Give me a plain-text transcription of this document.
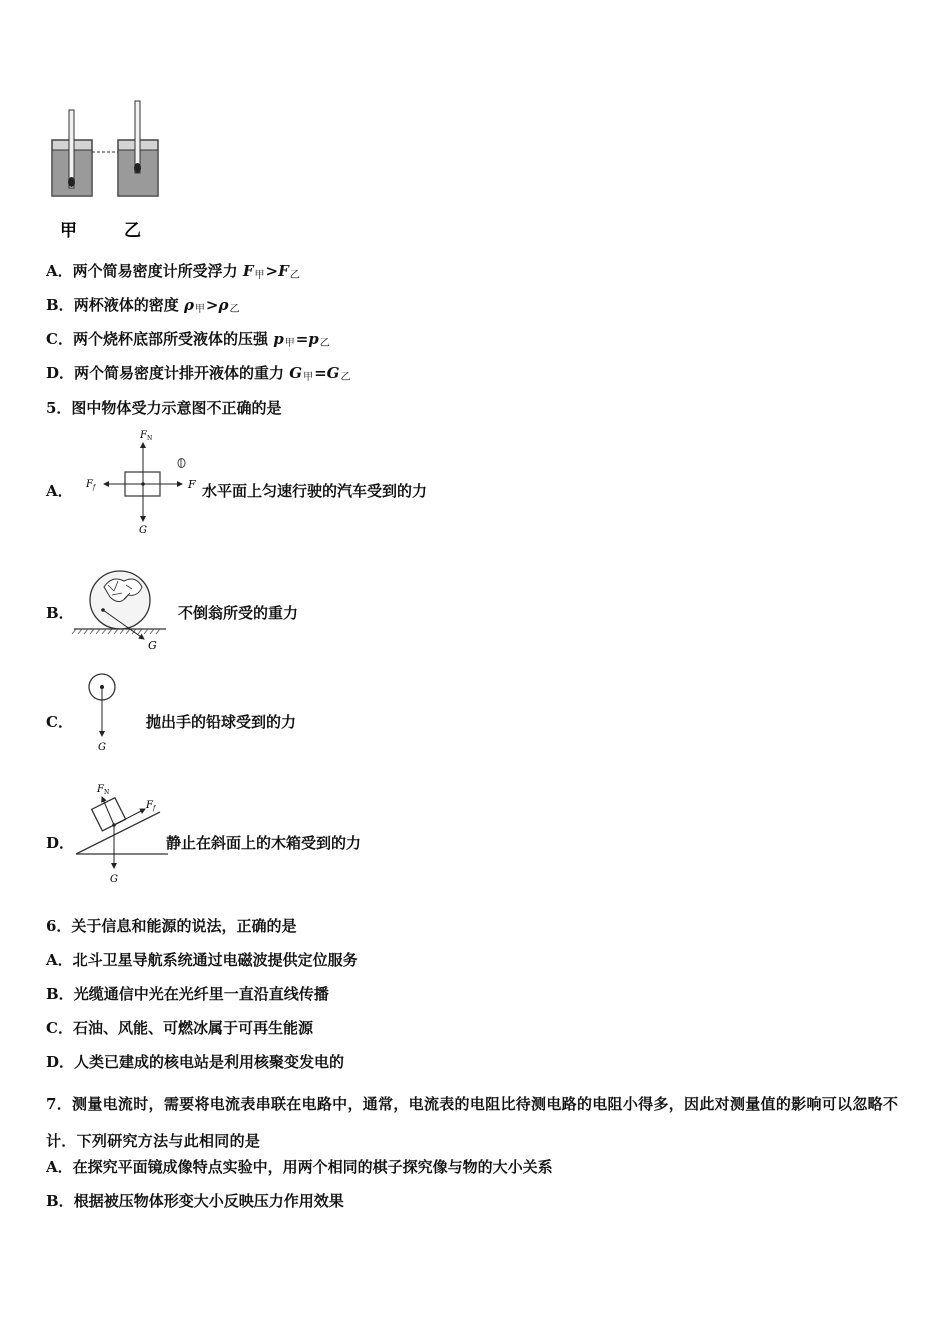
甲	乙
A．两个简易密度计所受浮力 $F_甲>F_乙$
B．两杯液体的密度 $\rho_甲>\rho_乙$
C．两个烧杯底部所受液体的压强 $p_甲=p_乙$
D．两个简易密度计排开液体的重力 $G_甲=G_乙$
5．图中物体受力示意图不正确的是
A．
F N
F f	F
G
水平面上匀速行驶的汽车受到的力
B．
G
不倒翁所受的重力
C．
G
抛出手的铅球受到的力
D．
F N
F f
G
静止在斜面上的木箱受到的力
6．关于信息和能源的说法，正确的是
A．北斗卫星导航系统通过电磁波提供定位服务
B．光缆通信中光在光纤里一直沿直线传播
C．石油、风能、可燃冰属于可再生能源
D．人类已建成的核电站是利用核聚变发电的
7．测量电流时，需要将电流表串联在电路中，通常，电流表的电阻比待测电路的电阻小得多，因此对测量值的影响可以忽略不计．下列研究方法与此相同的是
A．在探究平面镜成像特点实验中，用两个相同的棋子探究像与物的大小关系
B．根据被压物体形变大小反映压力作用效果
